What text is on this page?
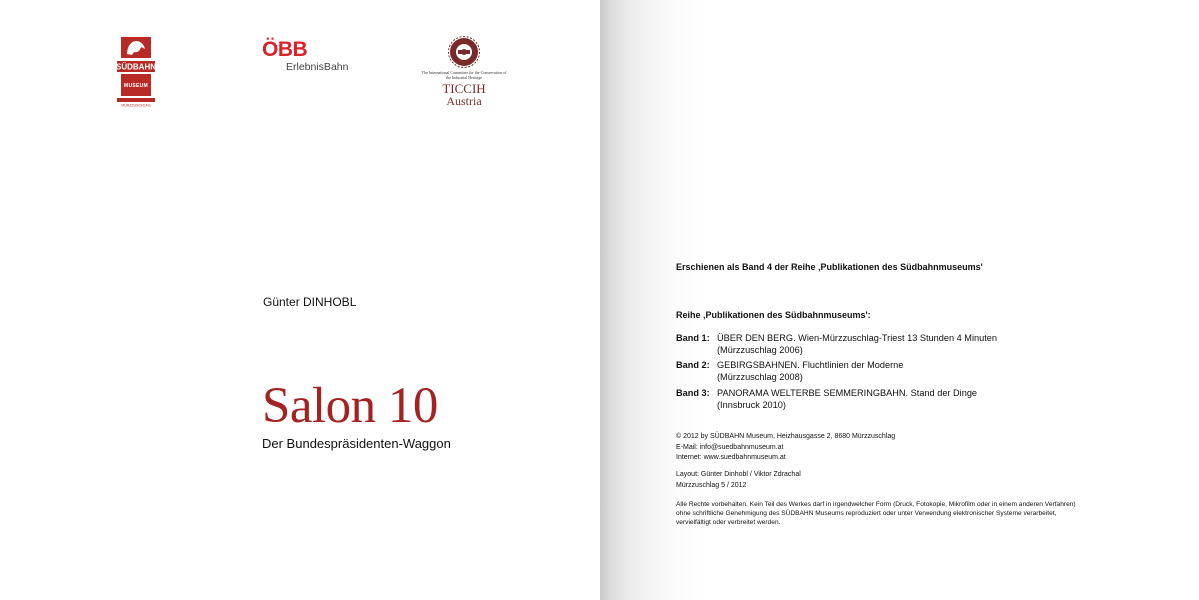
SÜDBAHN
MUSEUM
MÜRZZUSCHLAG
ÖBB
ErlebnisBahn	The International Committee for the Conservation of the Industrial Heritage
TICCIH
Austria
Günter DINHOBL
Salon 10
Der Bundespräsidenten-Waggon
Erschienen als Band 4 der Reihe ‚Publikationen des Südbahnmuseums'
Reihe ‚Publikationen des Südbahnmuseums':
Band 1: ÜBER DEN BERG. Wien-Mürzzuschlag-Triest 13 Stunden 4 Minuten
(Mürzzuschlag 2006)
Band 2: GEBIRGSBAHNEN. Fluchtlinien der Moderne
(Mürzzuschlag 2008)
Band 3: PANORAMA WELTERBE SEMMERINGBAHN. Stand der Dinge
(Innsbruck 2010)
© 2012 by SÜDBAHN Museum, Heizhausgasse 2, 8680 Mürzzuschlag
E-Mail: info@suedbahnmuseum.at
Internet: www.suedbahnmuseum.at
Layout: Günter Dinhobl / Viktor Zdrachal
Mürzzuschlag 5 / 2012
Alle Rechte vorbehalten. Kein Teil des Werkes darf in irgendwelcher Form (Druck, Fotokopie, Mikrofilm oder in einem anderen Verfahren) ohne schriftliche Genehmigung des SÜDBAHN Museums reproduziert oder unter Verwendung elektronischer Systeme verarbeitet, vervielfältigt oder verbreitet werden.
